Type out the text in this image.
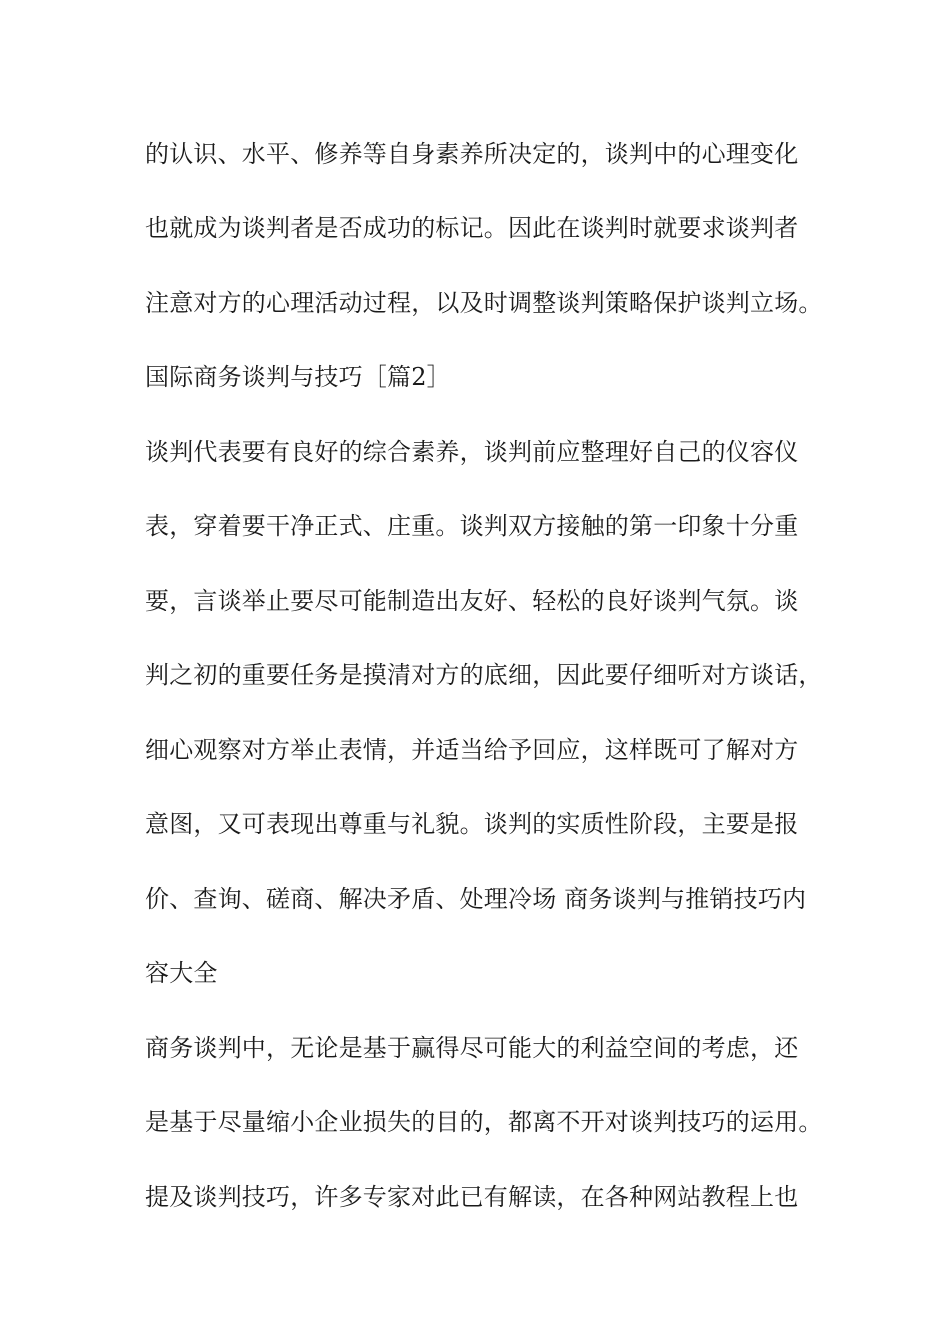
的认识、水平、修养等自身素养所决定的，谈判中的心理变化
也就成为谈判者是否成功的标记。因此在谈判时就要求谈判者
注意对方的心理活动过程，以及时调整谈判策略保护谈判立场。
国际商务谈判与技巧［篇2］
谈判代表要有良好的综合素养，谈判前应整理好自己的仪容仪
表，穿着要干净正式、庄重。谈判双方接触的第一印象十分重
要，言谈举止要尽可能制造出友好、轻松的良好谈判气氛。谈
判之初的重要任务是摸清对方的底细，因此要仔细听对方谈话，
细心观察对方举止表情，并适当给予回应，这样既可了解对方
意图，又可表现出尊重与礼貌。谈判的实质性阶段，主要是报
价、查询、磋商、解决矛盾、处理冷场 商务谈判与推销技巧内
容大全
商务谈判中，无论是基于赢得尽可能大的利益空间的考虑，还
是基于尽量缩小企业损失的目的，都离不开对谈判技巧的运用。
提及谈判技巧，许多专家对此已有解读，在各种网站教程上也
